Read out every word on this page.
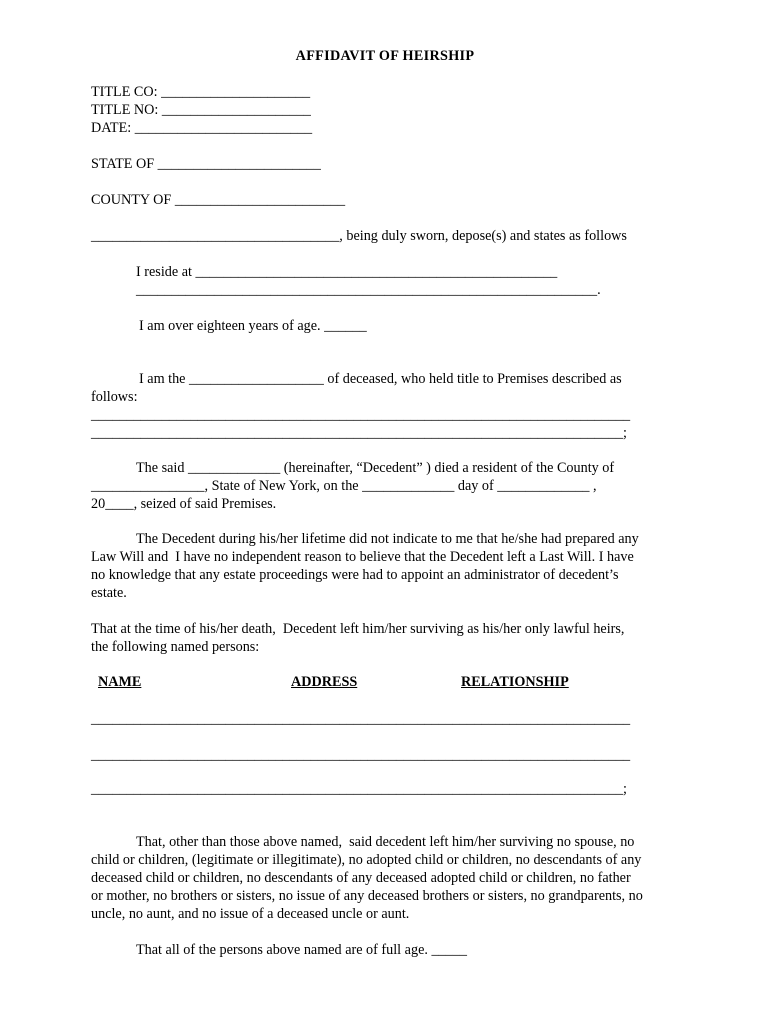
AFFIDAVIT OF HEIRSHIP
TITLE CO: _____________________
TITLE NO: _____________________
DATE: _________________________
STATE OF _______________________
COUNTY OF ________________________
___________________________________, being duly sworn, depose(s) and states as follows
I reside at ___________________________________________________
_________________________________________________________________.
I am over eighteen years of age. ______
I am the ___________________ of deceased, who held title to Premises described as
follows:
____________________________________________________________________________
___________________________________________________________________________;
The said _____________ (hereinafter, “Decedent” ) died a resident of the County of
________________, State of New York, on the _____________ day of _____________ ,
20____, seized of said Premises.
The Decedent during his/her lifetime did not indicate to me that he/she had prepared any
Law Will and  I have no independent reason to believe that the Decedent left a Last Will. I have
no knowledge that any estate proceedings were had to appoint an administrator of decedent’s
estate.
That at the time of his/her death,  Decedent left him/her surviving as his/her only lawful heirs,
the following named persons:
NAME	ADDRESS	RELATIONSHIP
____________________________________________________________________________
____________________________________________________________________________
___________________________________________________________________________;
That, other than those above named,  said decedent left him/her surviving no spouse, no
child or children, (legitimate or illegitimate), no adopted child or children, no descendants of any
deceased child or children, no descendants of any deceased adopted child or children, no father
or mother, no brothers or sisters, no issue of any deceased brothers or sisters, no grandparents, no
uncle, no aunt, and no issue of a deceased uncle or aunt.
That all of the persons above named are of full age. _____
